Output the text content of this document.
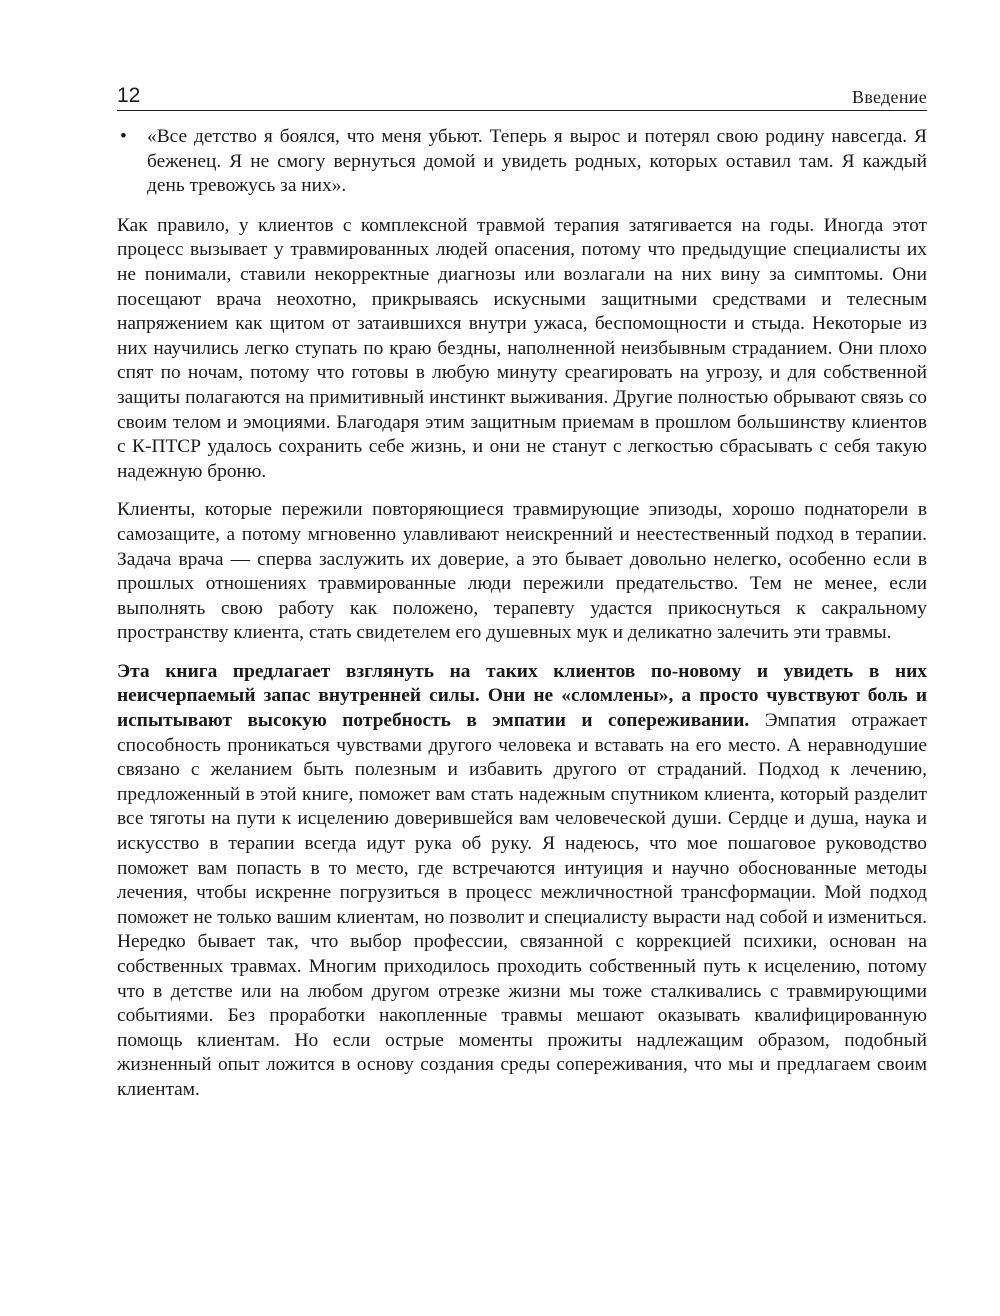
12	Введение
• «Все детство я боялся, что меня убьют. Теперь я вырос и потерял свою родину навсегда. Я беженец. Я не смогу вернуться домой и увидеть родных, которых оставил там. Я каждый день тревожусь за них».

Как правило, у клиентов с комплексной травмой терапия затягивается на годы. Иногда этот процесс вызывает у травмированных людей опасения, потому что предыдущие специалисты их не понимали, ставили некорректные диагнозы или возлагали на них вину за симптомы. Они посещают врача неохотно, прикрываясь искусными защитными средствами и телесным напряжением как щитом от затаившихся внутри ужаса, беспомощности и стыда. Некоторые из них научились легко ступать по краю бездны, наполненной неизбывным страданием. Они плохо спят по ночам, потому что готовы в любую минуту среагировать на угрозу, и для собственной защиты полагаются на примитивный инстинкт выживания. Другие полностью обрывают связь со своим телом и эмоциями. Благодаря этим защитным приемам в прошлом большинству клиентов с К-ПТСР удалось сохранить себе жизнь, и они не станут с легкостью сбрасывать с себя такую надежную броню.

Клиенты, которые пережили повторяющиеся травмирующие эпизоды, хорошо поднаторели в самозащите, а потому мгновенно улавливают неискренний и неестественный подход в терапии. Задача врача — сперва заслужить их доверие, а это бывает довольно нелегко, особенно если в прошлых отношениях травмированные люди пережили предательство. Тем не менее, если выполнять свою работу как положено, терапевту удастся прикоснуться к сакральному пространству клиента, стать свидетелем его душевных мук и деликатно залечить эти травмы.

Эта книга предлагает взглянуть на таких клиентов по-новому и увидеть в них неисчерпаемый запас внутренней силы. Они не «сломлены», а просто чувствуют боль и испытывают высокую потребность в эмпатии и сопереживании. Эмпатия отражает способность проникаться чувствами другого человека и вставать на его место. А неравнодушие связано с желанием быть полезным и избавить другого от страданий. Подход к лечению, предложенный в этой книге, поможет вам стать надежным спутником клиента, который разделит все тяготы на пути к исцелению доверившейся вам человеческой души. Сердце и душа, наука и искусство в терапии всегда идут рука об руку. Я надеюсь, что мое пошаговое руководство поможет вам попасть в то место, где встречаются интуиция и научно обоснованные методы лечения, чтобы искренне погрузиться в процесс межличностной трансформации. Мой подход поможет не только вашим клиентам, но позволит и специалисту вырасти над собой и измениться. Нередко бывает так, что выбор профессии, связанной с коррекцией психики, основан на собственных травмах. Многим приходилось проходить собственный путь к исцелению, потому что в детстве или на любом другом отрезке жизни мы тоже сталкивались с травмирующими событиями. Без проработки накопленные травмы мешают оказывать квалифицированную помощь клиентам. Но если острые моменты прожиты надлежащим образом, подобный жизненный опыт ложится в основу создания среды сопереживания, что мы и предлагаем своим клиентам.
